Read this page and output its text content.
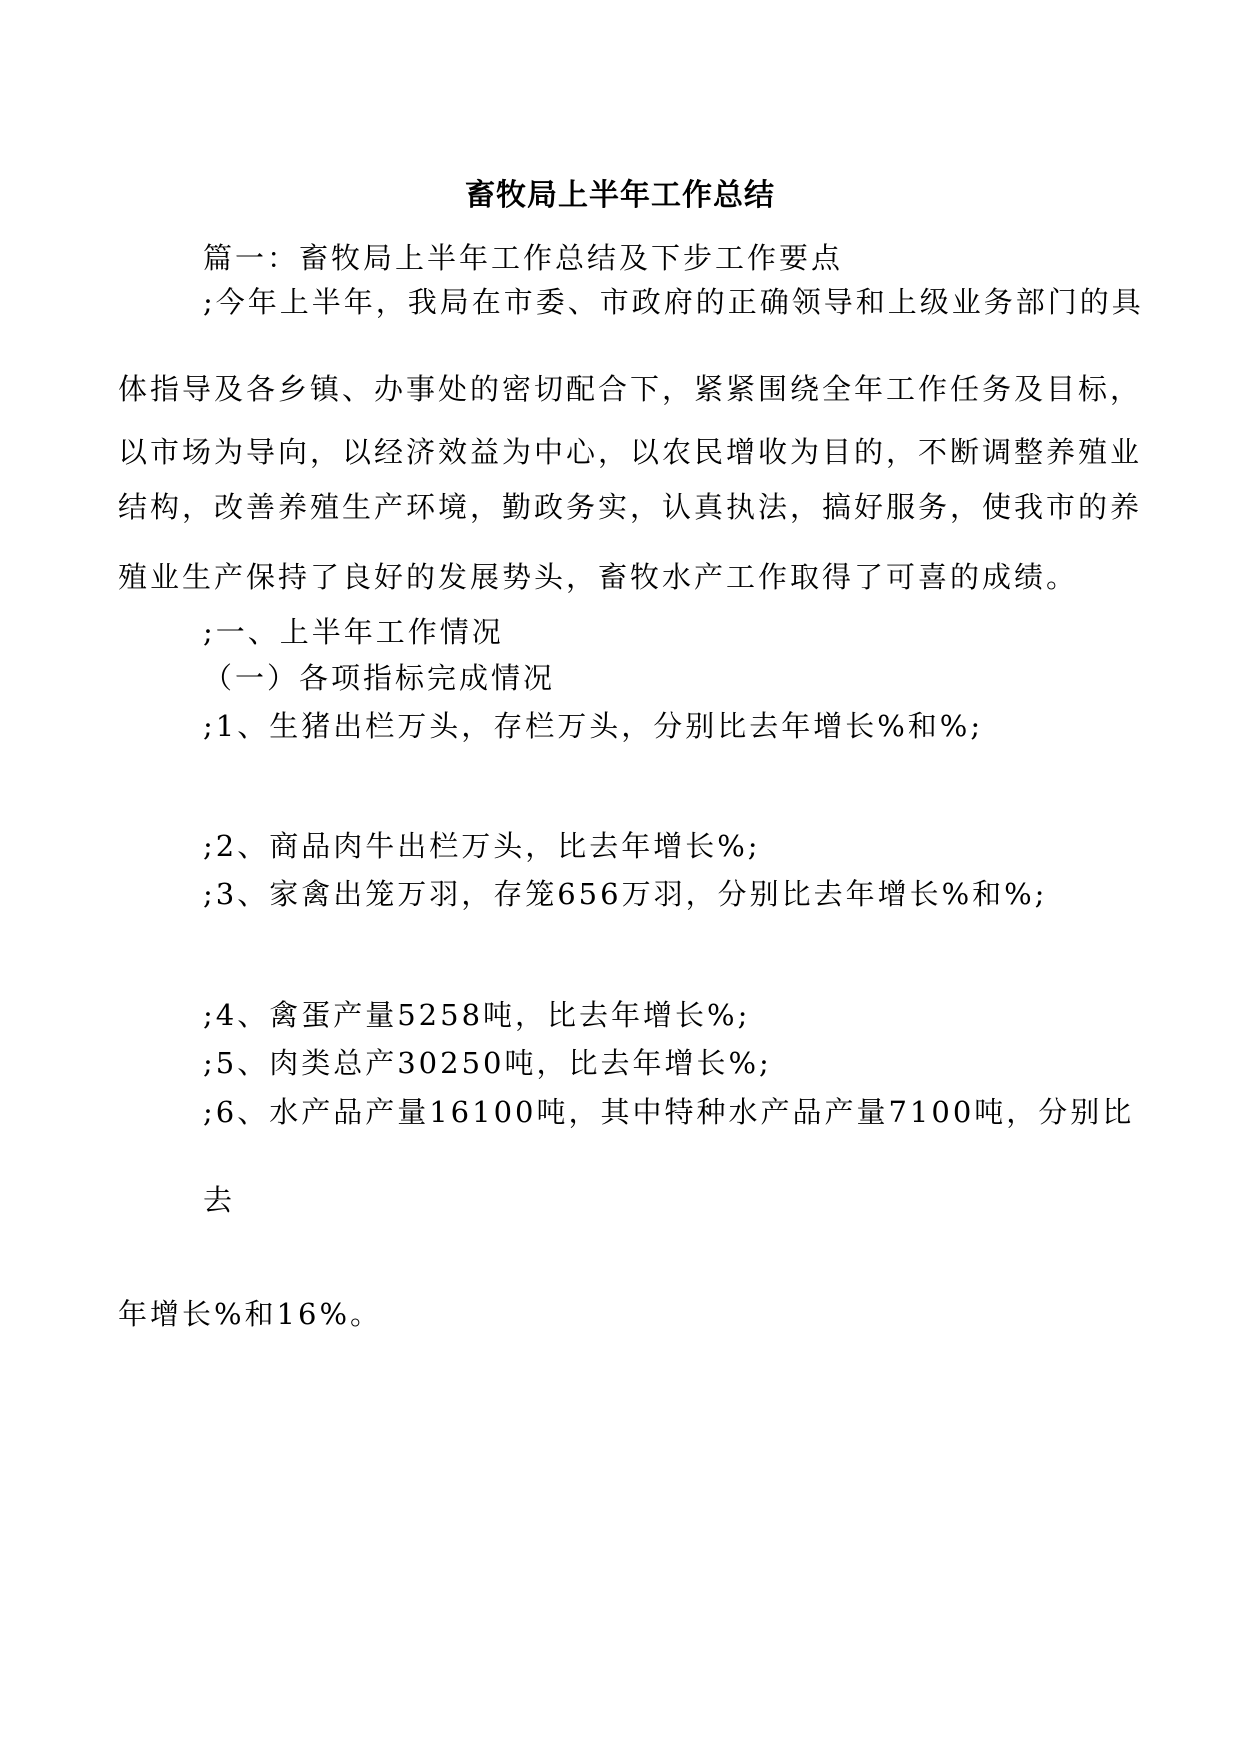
畜牧局上半年工作总结
篇一：畜牧局上半年工作总结及下步工作要点
;今年上半年，我局在市委、市政府的正确领导和上级业务部门的具
体指导及各乡镇、办事处的密切配合下，紧紧围绕全年工作任务及目标，
以市场为导向，以经济效益为中心，以农民增收为目的，不断调整养殖业
结构，改善养殖生产环境，勤政务实，认真执法，搞好服务，使我市的养
殖业生产保持了良好的发展势头，畜牧水产工作取得了可喜的成绩。
;一、上半年工作情况
（一）各项指标完成情况
;1、生猪出栏万头，存栏万头，分别比去年增长%和%;
;2、商品肉牛出栏万头，比去年增长%;
;3、家禽出笼万羽，存笼656万羽，分别比去年增长%和%;
;4、禽蛋产量5258吨，比去年增长%;
;5、肉类总产30250吨，比去年增长%;
;6、水产品产量16100吨，其中特种水产品产量7100吨，分别比
去
年增长%和16%。
